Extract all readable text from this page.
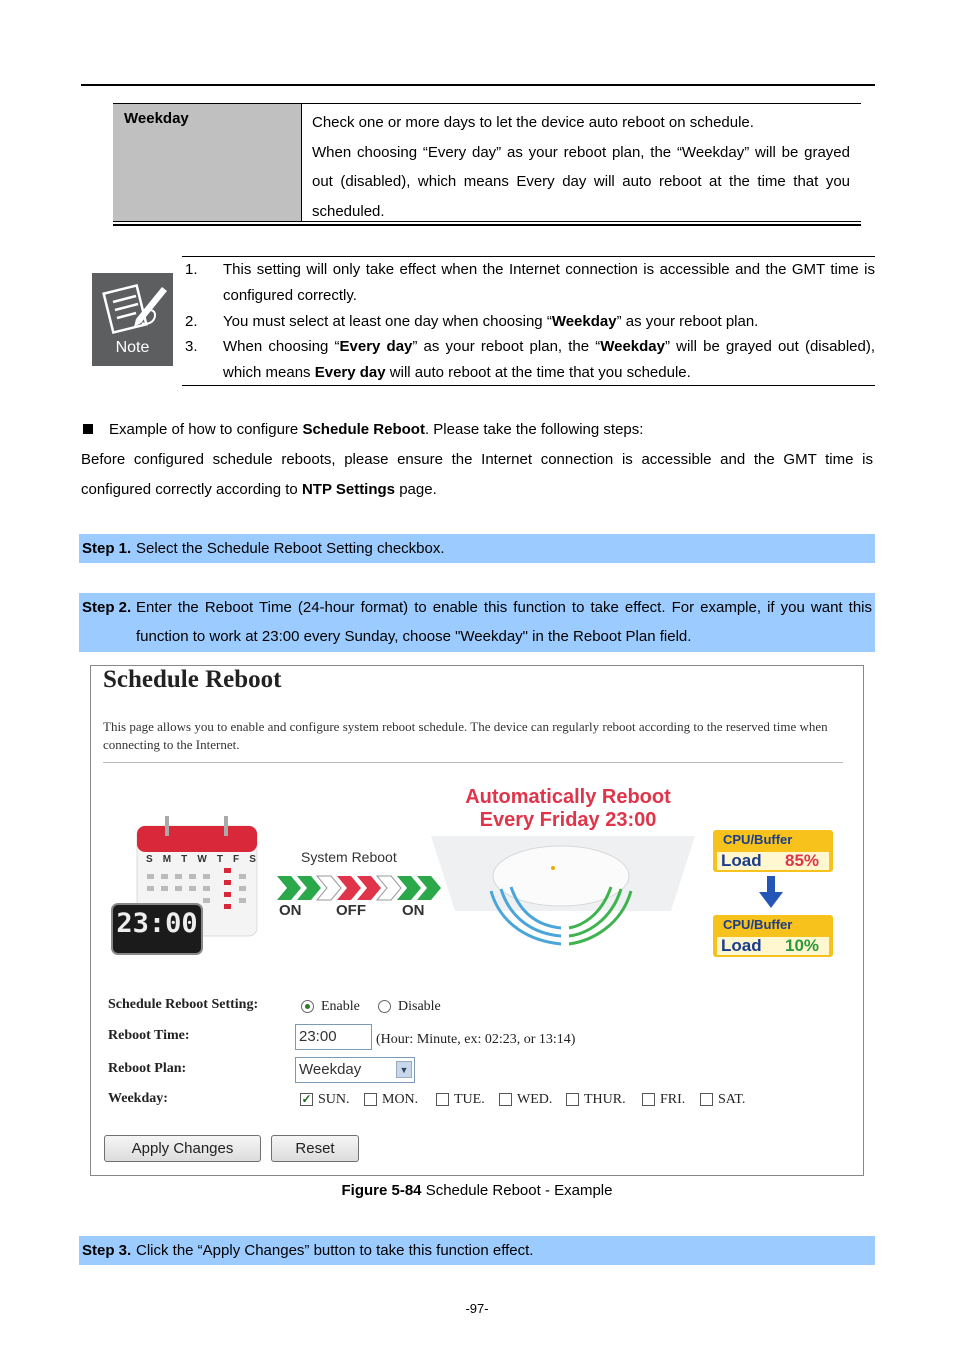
Weekday	Check one or more days to let the device auto reboot on schedule.

When choosing “Every day” as your reboot plan, the “Weekday” will be grayed out (disabled), which means Every day will auto reboot at the time that you scheduled.

Note
1. This setting will only take effect when the Internet connection is accessible and the GMT time is configured correctly.
2. You must select at least one day when choosing “Weekday” as your reboot plan.
3. When choosing “Every day” as your reboot plan, the “Weekday” will be grayed out (disabled), which means Every day will auto reboot at the time that you schedule.
Example of how to configure Schedule Reboot. Please take the following steps:
Before configured schedule reboots, please ensure the Internet connection is accessible and the GMT time is configured correctly according to NTP Settings page.
Step 1. Select the Schedule Reboot Setting checkbox.
Step 2. Enter the Reboot Time (24-hour format) to enable this function to take effect. For example, if you want this function to work at 23:00 every Sunday, choose "Weekday" in the Reboot Plan field.
Schedule Reboot
This page allows you to enable and configure system reboot schedule. The device can regularly reboot according to the reserved time when connecting to the Internet.
Automatically Reboot
Every Friday 23:00
S M T W T F S
23:00
System Reboot
ON OFF ON
CPU/Buffer
Load 85%
CPU/Buffer
Load 10%
Schedule Reboot Setting:	Enable	Disable
Reboot Time:	23:00	(Hour: Minute, ex: 02:23, or 13:14)
Reboot Plan:	Weekday	▼
Weekday:	✓ SUN. MON.	TUE. WED. THUR. FRI. SAT.
Apply Changes	Reset
Figure 5-84 Schedule Reboot - Example
Step 3. Click the “Apply Changes” button to take this function effect.
-97-
